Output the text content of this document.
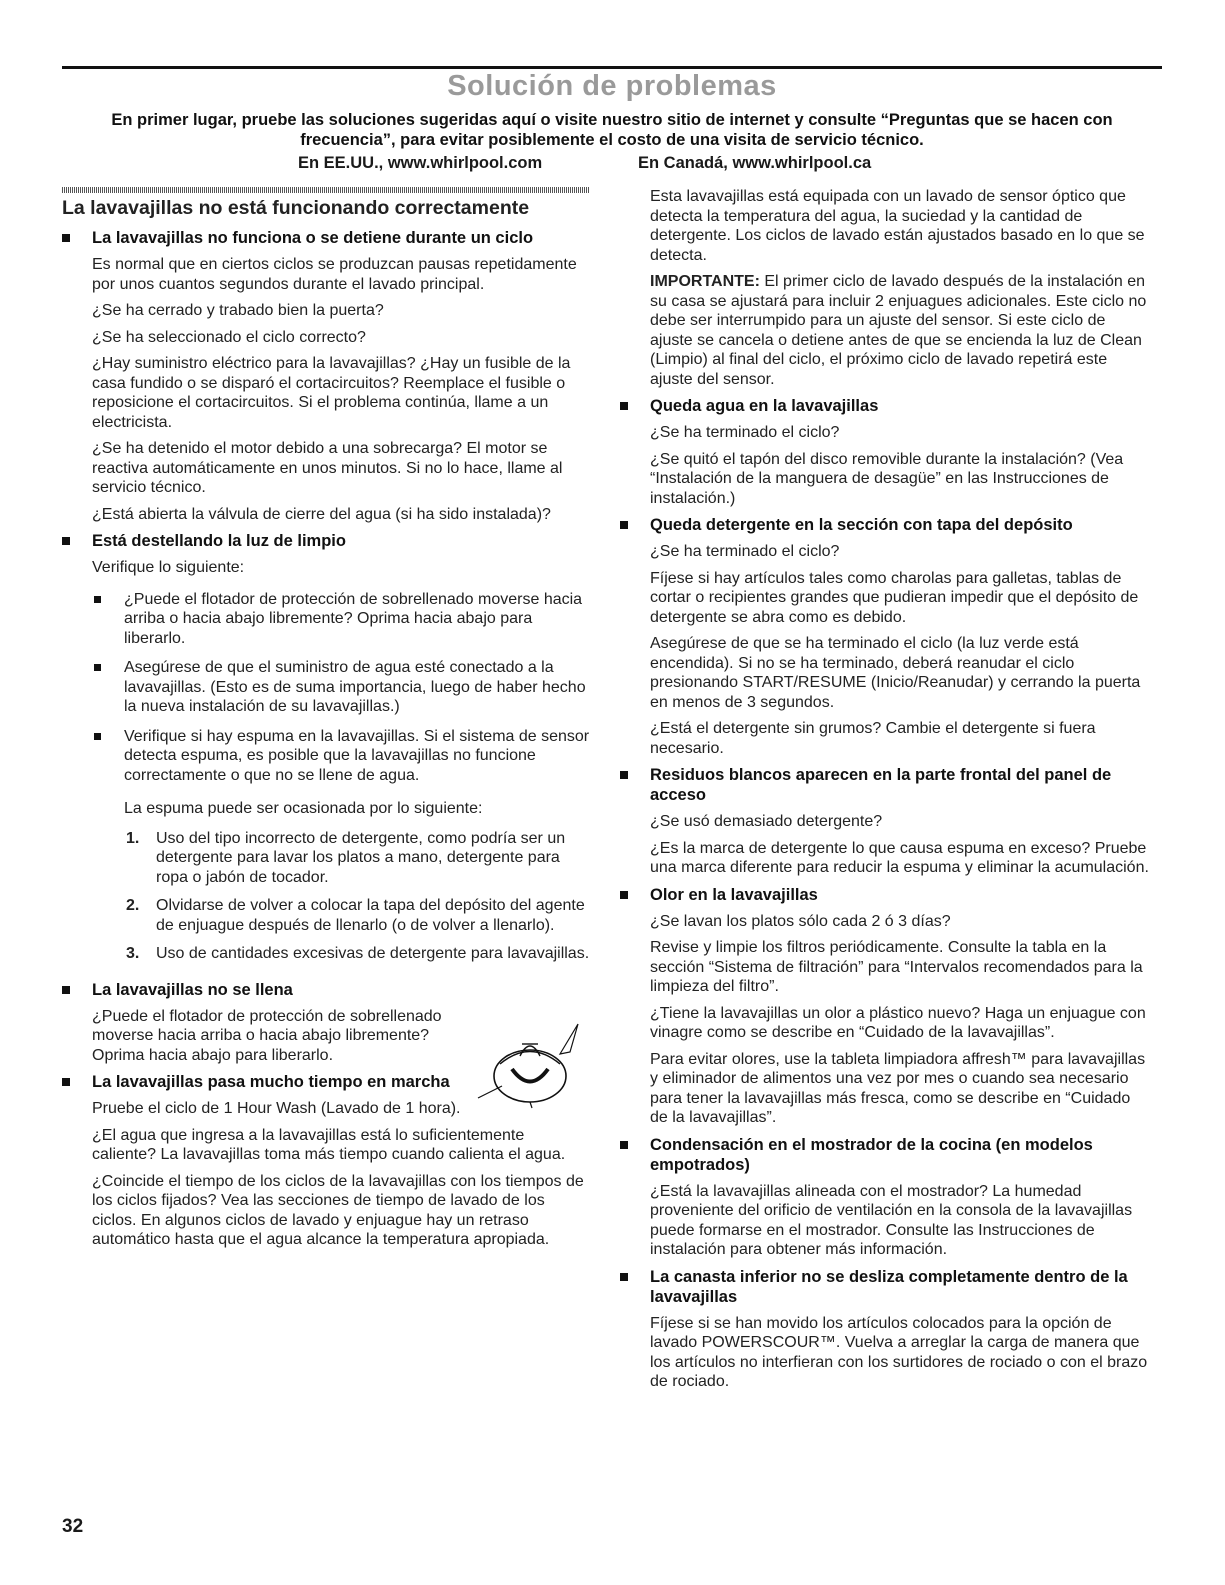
Solución de problemas
En primer lugar, pruebe las soluciones sugeridas aquí o visite nuestro sitio de internet y consulte “Preguntas que se hacen con frecuencia”, para evitar posiblemente el costo de una visita de servicio técnico.
En EE.UU., www.whirlpool.com	En Canadá, www.whirlpool.ca
La lavavajillas no está funcionando correctamente
La lavavajillas no funciona o se detiene durante un ciclo

Es normal que en ciertos ciclos se produzcan pausas repetidamente por unos cuantos segundos durante el lavado principal.

¿Se ha cerrado y trabado bien la puerta?

¿Se ha seleccionado el ciclo correcto?

¿Hay suministro eléctrico para la lavavajillas? ¿Hay un fusible de la casa fundido o se disparó el cortacircuitos? Reemplace el fusible o reposicione el cortacircuitos. Si el problema continúa, llame a un electricista.

¿Se ha detenido el motor debido a una sobrecarga? El motor se reactiva automáticamente en unos minutos. Si no lo hace, llame al servicio técnico.

¿Está abierta la válvula de cierre del agua (si ha sido instalada)?

Está destellando la luz de limpio

Verifique lo siguiente:

¿Puede el flotador de protección de sobrellenado moverse hacia arriba o hacia abajo libremente? Oprima hacia abajo para liberarlo.

Asegúrese de que el suministro de agua esté conectado a la lavavajillas. (Esto es de suma importancia, luego de haber hecho la nueva instalación de su lavavajillas.)

Verifique si hay espuma en la lavavajillas. Si el sistema de sensor detecta espuma, es posible que la lavavajillas no funcione correctamente o que no se llene de agua.

La espuma puede ser ocasionada por lo siguiente:

1. Uso del tipo incorrecto de detergente, como podría ser un detergente para lavar los platos a mano, detergente para ropa o jabón de tocador.
2. Olvidarse de volver a colocar la tapa del depósito del agente de enjuague después de llenarlo (o de volver a llenarlo).
3. Uso de cantidades excesivas de detergente para lavavajillas.
La lavavajillas no se llena

¿Puede el flotador de protección de sobrellenado moverse hacia arriba o hacia abajo libremente? Oprima hacia abajo para liberarlo.

La lavavajillas pasa mucho tiempo en marcha

Pruebe el ciclo de 1 Hour Wash (Lavado de 1 hora).

¿El agua que ingresa a la lavavajillas está lo suficientemente caliente? La lavavajillas toma más tiempo cuando calienta el agua.

¿Coincide el tiempo de los ciclos de la lavavajillas con los tiempos de los ciclos fijados? Vea las secciones de tiempo de lavado de los ciclos. En algunos ciclos de lavado y enjuague hay un retraso automático hasta que el agua alcance la temperatura apropiada.

Esta lavavajillas está equipada con un lavado de sensor óptico que detecta la temperatura del agua, la suciedad y la cantidad de detergente. Los ciclos de lavado están ajustados basado en lo que se detecta.

IMPORTANTE: El primer ciclo de lavado después de la instalación en su casa se ajustará para incluir 2 enjuagues adicionales. Este ciclo no debe ser interrumpido para un ajuste del sensor. Si este ciclo de ajuste se cancela o detiene antes de que se encienda la luz de Clean (Limpio) al final del ciclo, el próximo ciclo de lavado repetirá este ajuste del sensor.

Queda agua en la lavavajillas

¿Se ha terminado el ciclo?

¿Se quitó el tapón del disco removible durante la instalación? (Vea “Instalación de la manguera de desagüe” en las Instrucciones de instalación.)

Queda detergente en la sección con tapa del depósito

¿Se ha terminado el ciclo?

Fíjese si hay artículos tales como charolas para galletas, tablas de cortar o recipientes grandes que pudieran impedir que el depósito de detergente se abra como es debido.

Asegúrese de que se ha terminado el ciclo (la luz verde está encendida). Si no se ha terminado, deberá reanudar el ciclo presionando START/RESUME (Inicio/Reanudar) y cerrando la puerta en menos de 3 segundos.

¿Está el detergente sin grumos? Cambie el detergente si fuera necesario.

Residuos blancos aparecen en la parte frontal del panel de acceso

¿Se usó demasiado detergente?

¿Es la marca de detergente lo que causa espuma en exceso? Pruebe una marca diferente para reducir la espuma y eliminar la acumulación.

Olor en la lavavajillas

¿Se lavan los platos sólo cada 2 ó 3 días?

Revise y limpie los filtros periódicamente. Consulte la tabla en la sección “Sistema de filtración” para “Intervalos recomendados para la limpieza del filtro”.

¿Tiene la lavavajillas un olor a plástico nuevo? Haga un enjuague con vinagre como se describe en “Cuidado de la lavavajillas”.

Para evitar olores, use la tableta limpiadora affresh™ para lavavajillas y eliminador de alimentos una vez por mes o cuando sea necesario para tener la lavavajillas más fresca, como se describe en “Cuidado de la lavavajillas”.

Condensación en el mostrador de la cocina (en modelos empotrados)

¿Está la lavavajillas alineada con el mostrador? La humedad proveniente del orificio de ventilación en la consola de la lavavajillas puede formarse en el mostrador. Consulte las Instrucciones de instalación para obtener más información.

La canasta inferior no se desliza completamente dentro de la lavavajillas

Fíjese si se han movido los artículos colocados para la opción de lavado POWERSCOUR™. Vuelva a arreglar la carga de manera que los artículos no interfieran con los surtidores de rociado o con el brazo de rociado.

32
